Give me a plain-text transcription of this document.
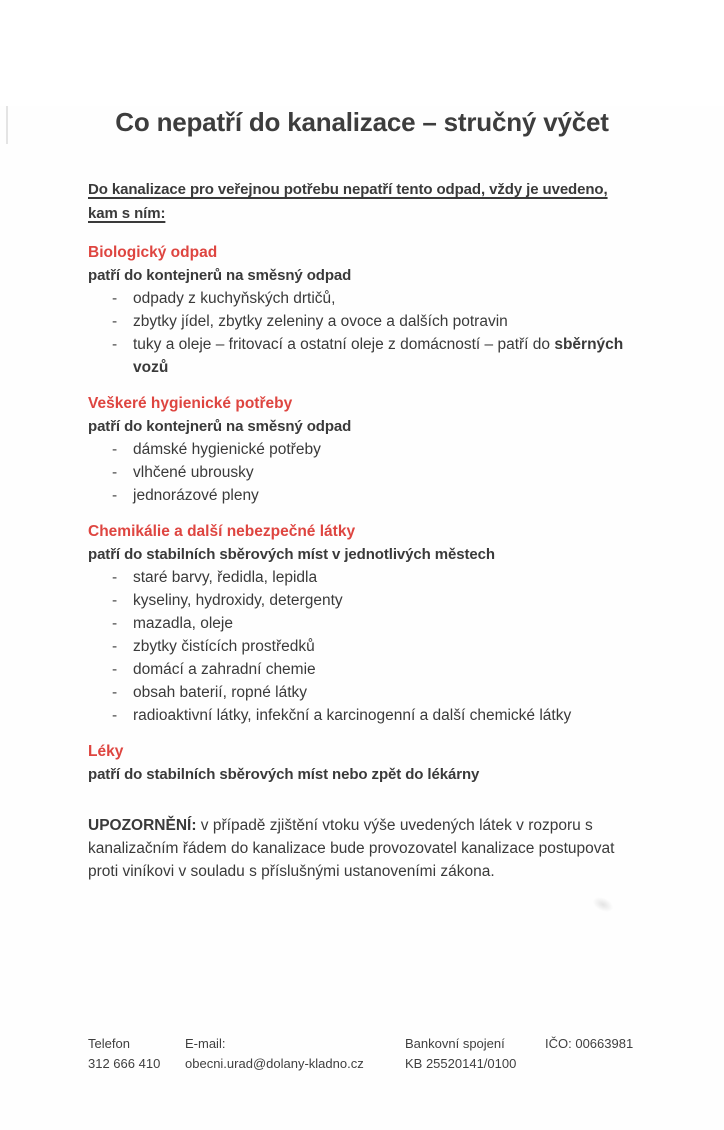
Co nepatří do kanalizace – stručný výčet

Do kanalizace pro veřejnou potřebu nepatří tento odpad, vždy je uvedeno,
kam s ním:

Biologický odpad
patří do kontejnerů na směsný odpad
- odpady z kuchyňských drtičů,
- zbytky jídel, zbytky zeleniny a ovoce a dalších potravin
- tuky a oleje – fritovací a ostatní oleje z domácností – patří do sběrných
vozů
Veškeré hygienické potřeby
patří do kontejnerů na směsný odpad
- dámské hygienické potřeby
- vlhčené ubrousky
- jednorázové pleny
Chemikálie a další nebezpečné látky
patří do stabilních sběrových míst v jednotlivých městech
- staré barvy, ředidla, lepidla
- kyseliny, hydroxidy, detergenty
- mazadla, oleje
- zbytky čistících prostředků
- domácí a zahradní chemie
- obsah baterií, ropné látky
- radioaktivní látky, infekční a karcinogenní a další chemické látky
Léky
patří do stabilních sběrových míst nebo zpět do lékárny

UPOZORNĚNÍ: v případě zjištění vtoku výše uvedených látek v rozporu s
kanalizačním řádem do kanalizace bude provozovatel kanalizace postupovat
proti viníkovi v souladu s příslušnými ustanoveními zákona.

Telefon
312 666 410
E-mail:
obecni.urad@dolany-kladno.cz
Bankovní spojení
KB 25520141/0100
IČO: 00663981
